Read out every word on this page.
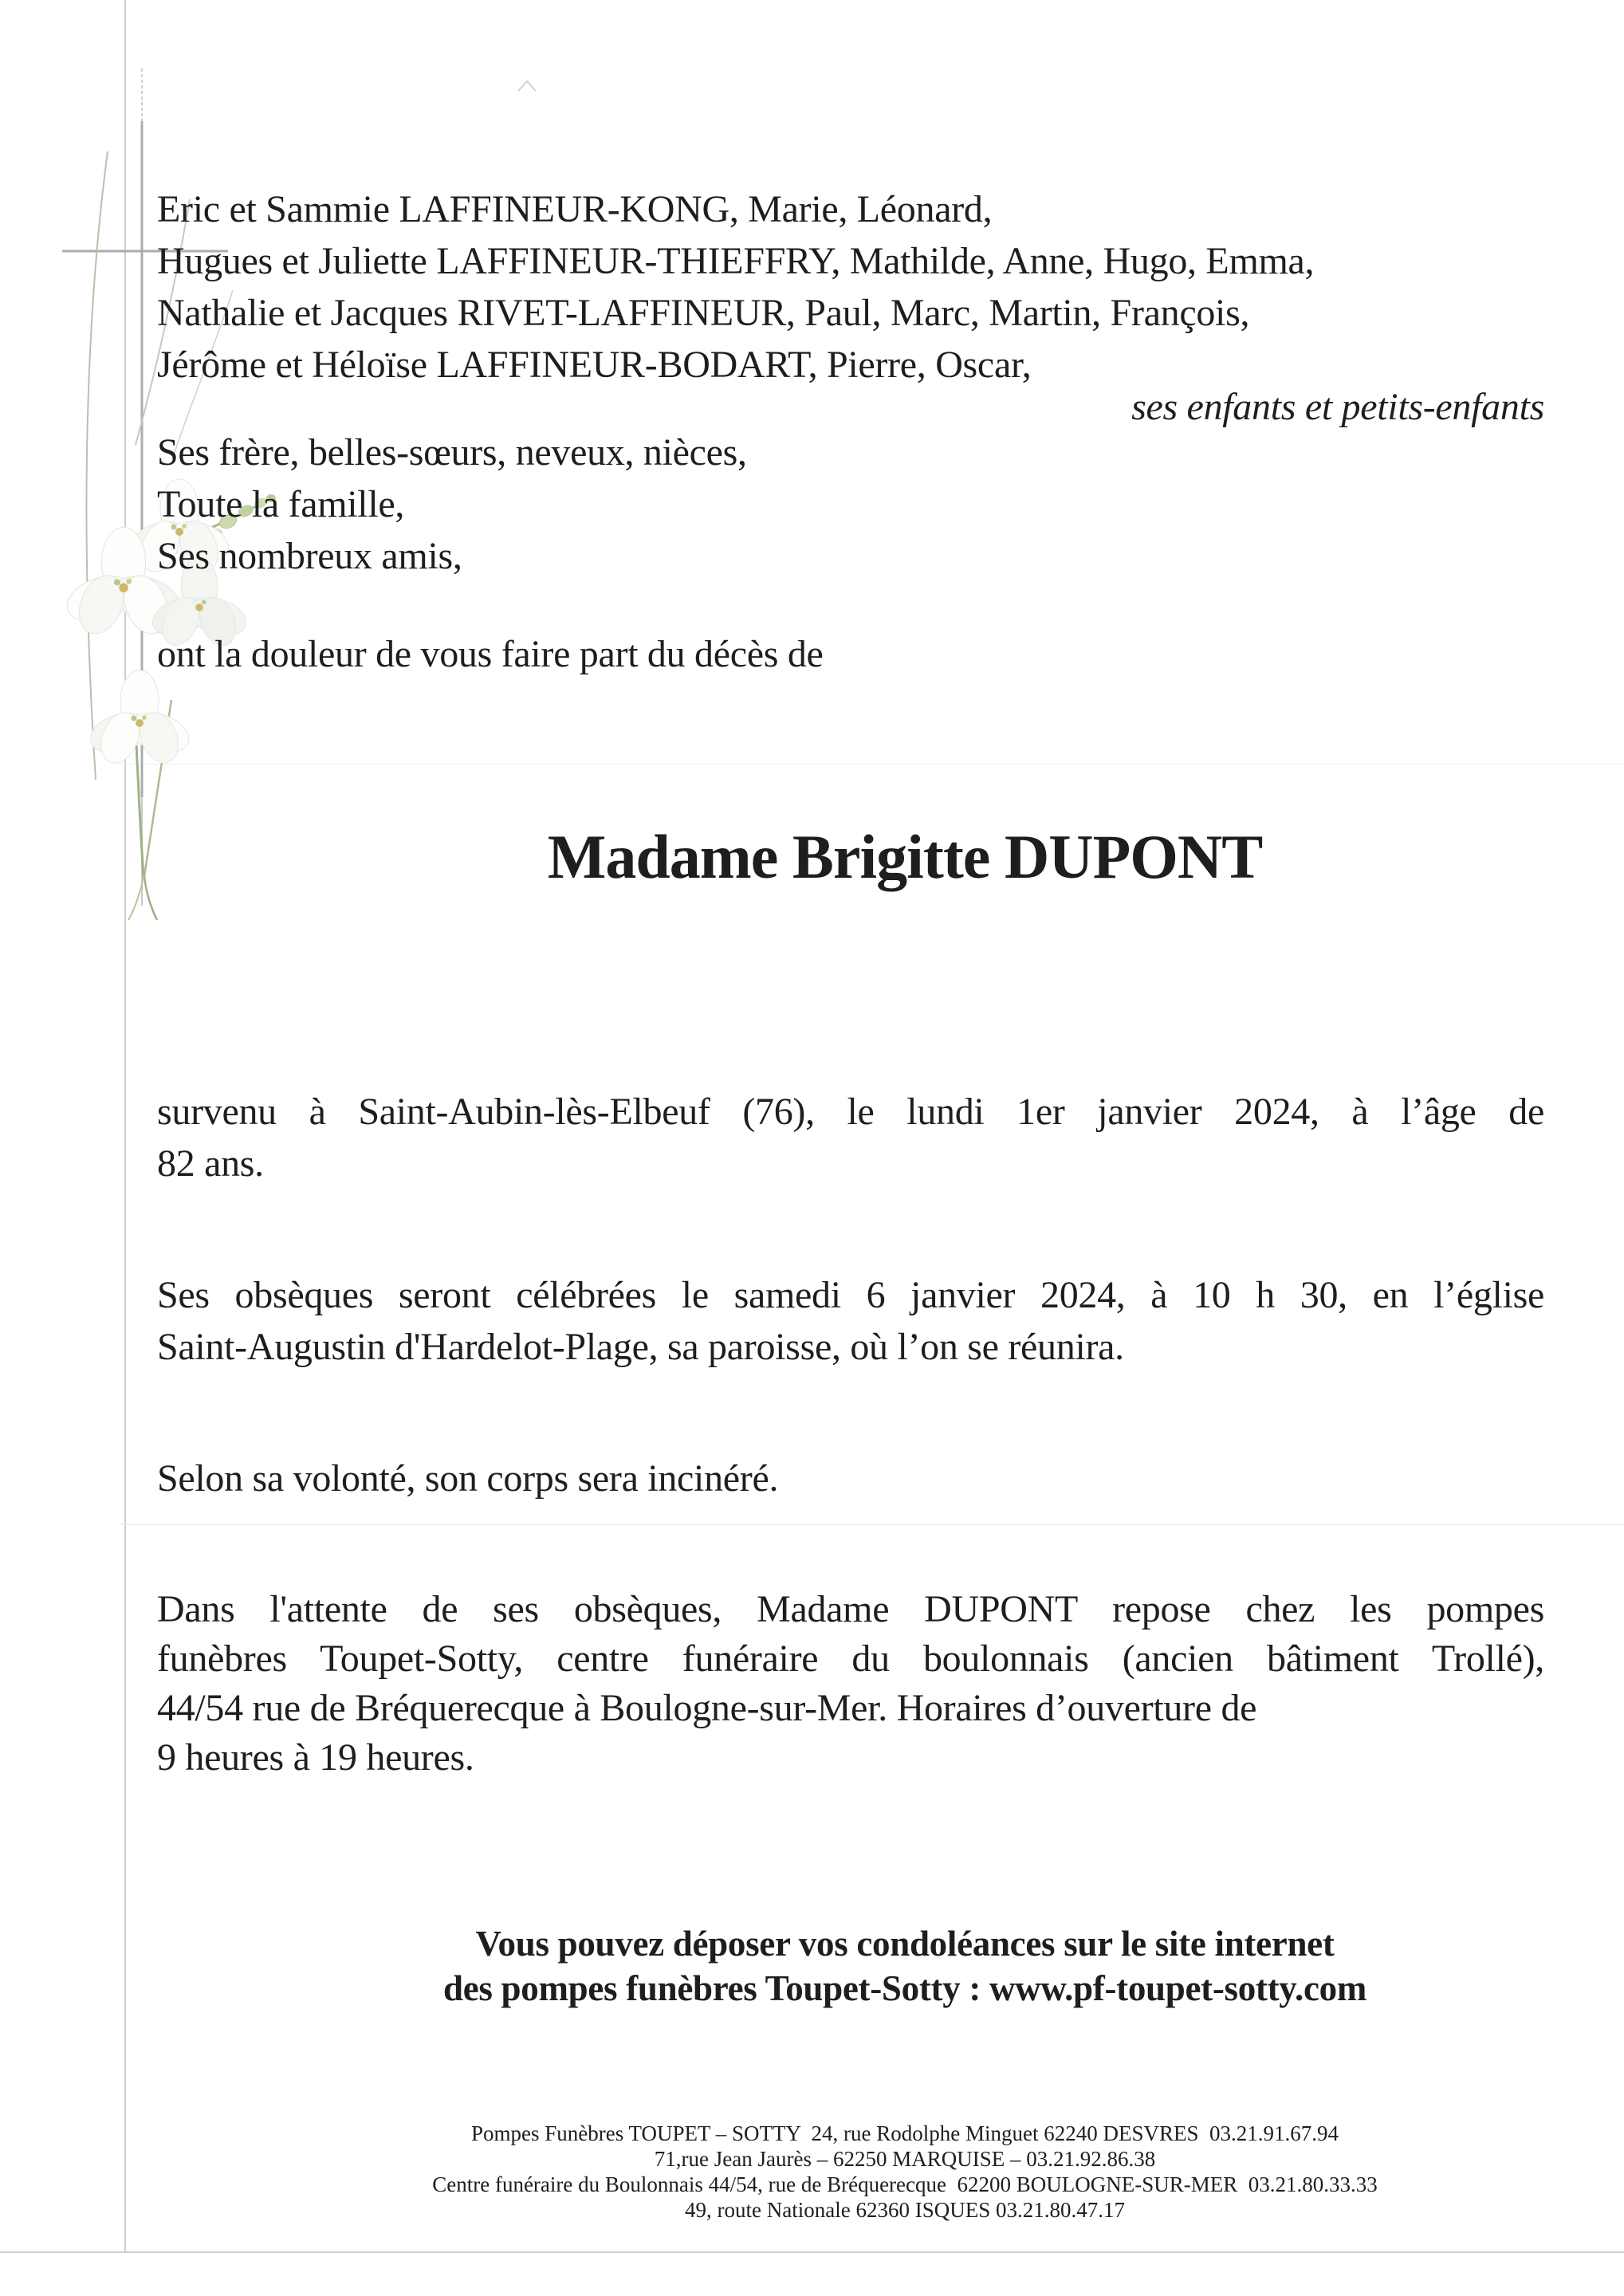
Eric et Sammie LAFFINEUR-KONG, Marie, Léonard,
Hugues et Juliette LAFFINEUR-THIEFFRY, Mathilde, Anne, Hugo, Emma,
Nathalie et Jacques RIVET-LAFFINEUR, Paul, Marc, Martin, François,
Jérôme et Héloïse LAFFINEUR-BODART, Pierre, Oscar,
ses enfants et petits-enfants
Ses frère, belles-sœurs, neveux, nièces,
Toute la famille,
Ses nombreux amis,
ont la douleur de vous faire part du décès de
Madame Brigitte DUPONT
survenu à Saint-Aubin-lès-Elbeuf (76), le lundi 1er janvier 2024, à l’âge de
82 ans.
Ses obsèques seront célébrées le samedi 6 janvier 2024, à 10 h 30, en l’église
Saint-Augustin d'Hardelot-Plage, sa paroisse, où l’on se réunira.
Selon sa volonté, son corps sera incinéré.
Dans l'attente de ses obsèques, Madame DUPONT repose chez les pompes
funèbres Toupet-Sotty, centre funéraire du boulonnais (ancien bâtiment Trollé),
44/54 rue de Bréquerecque à Boulogne-sur-Mer. Horaires d’ouverture de
9 heures à 19 heures.
Vous pouvez déposer vos condoléances sur le site internet
des pompes funèbres Toupet-Sotty : www.pf-toupet-sotty.com
Pompes Funèbres TOUPET – SOTTY  24, rue Rodolphe Minguet 62240 DESVRES  03.21.91.67.94
71,rue Jean Jaurès – 62250 MARQUISE – 03.21.92.86.38
Centre funéraire du Boulonnais 44/54, rue de Bréquerecque  62200 BOULOGNE-SUR-MER  03.21.80.33.33
49, route Nationale 62360 ISQUES 03.21.80.47.17
